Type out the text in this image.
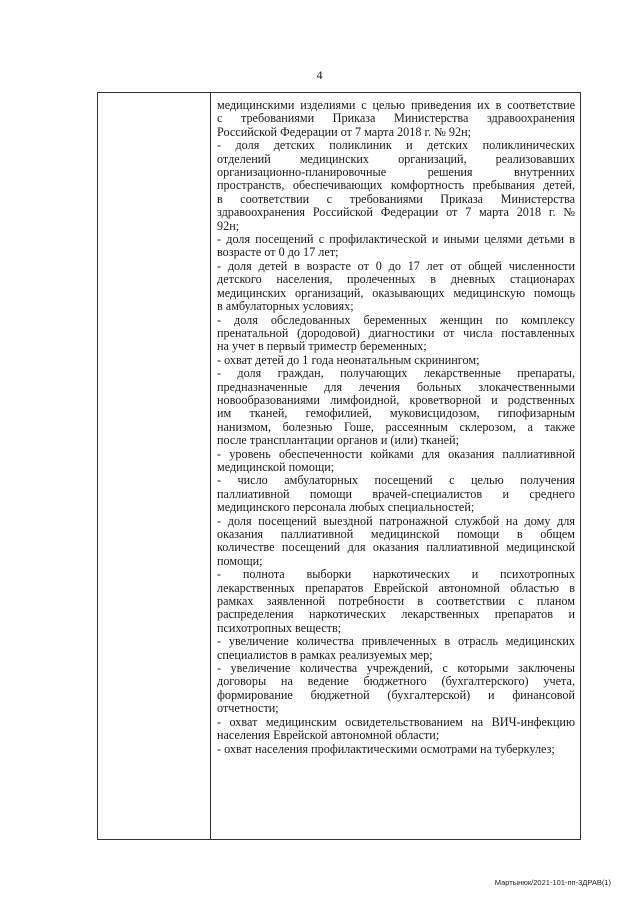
4
медицинскими изделиями с целью приведения их в соответствие
с требованиями Приказа Министерства здравоохранения
Российской Федерации от 7 марта 2018 г. № 92н;
- доля детских поликлиник и детских поликлинических
отделений медицинских организаций, реализовавших
организационно-планировочные решения внутренних
пространств, обеспечивающих комфортность пребывания детей,
в соответствии с требованиями Приказа Министерства
здравоохранения Российской Федерации от 7 марта 2018 г. №
92н;
- доля посещений с профилактической и иными целями детьми в
возрасте от 0 до 17 лет;
- доля детей в возрасте от 0 до 17 лет от общей численности
детского населения, пролеченных в дневных стационарах
медицинских организаций, оказывающих медицинскую помощь
в амбулаторных условиях;
- доля обследованных беременных женщин по комплексу
пренатальной (дородовой) диагностики от числа поставленных
на учет в первый триместр беременных;
- охват детей до 1 года неонатальным скринингом;
- доля граждан, получающих лекарственные препараты,
предназначенные для лечения больных злокачественными
новообразованиями лимфоидной, кроветворной и родственных
им тканей, гемофилией, муковисцидозом, гипофизарным
нанизмом, болезнью Гоше, рассеянным склерозом, а также
после трансплантации органов и (или) тканей;
- уровень обеспеченности койками для оказания паллиативной
медицинской помощи;
- число амбулаторных посещений с целью получения
паллиативной помощи врачей-специалистов и среднего
медицинского персонала любых специальностей;
- доля посещений выездной патронажной службой на дому для
оказания паллиативной медицинской помощи в общем
количестве посещений для оказания паллиативной медицинской
помощи;
- полнота выборки наркотических и психотропных
лекарственных препаратов Еврейской автономной областью в
рамках заявленной потребности в соответствии с планом
распределения наркотических лекарственных препаратов и
психотропных веществ;
- увеличение количества привлеченных в отрасль медицинских
специалистов в рамках реализуемых мер;
- увеличение количества учреждений, с которыми заключены
договоры на ведение бюджетного (бухгалтерского) учета,
формирование бюджетной (бухгалтерской) и финансовой
отчетности;
- охват медицинским освидетельствованием на ВИЧ-инфекцию
населения Еврейской автономной области;
- охват населения профилактическими осмотрами на туберкулез;
Мартынюк/2021-101-пп-3ДРАВ(1)
